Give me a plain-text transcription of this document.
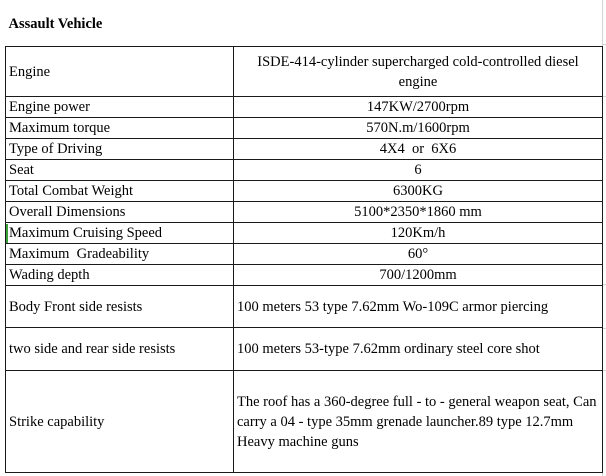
Assault Vehicle	
Engine	ISDE-414-cylinder supercharged cold-controlled diesel engine
Engine power	147KW/2700rpm
Maximum torque	570N.m/1600rpm
Type of Driving	4X4  or  6X6
Seat	6
Total Combat Weight	6300KG
Overall Dimensions	5100*2350*1860 mm

Maximum Cruising Speed	120Km/h
Maximum  Gradeability	60°
Wading depth	700/1200mm
Body Front side resists	100 meters 53 type 7.62mm Wo-109C armor piercing
two side and rear side resists	100 meters 53-type 7.62mm ordinary steel core shot
Strike capability	The roof has a 360-degree full - to - general weapon seat, Can carry a 04 - type 35mm grenade launcher.89 type 12.7mm Heavy machine guns
